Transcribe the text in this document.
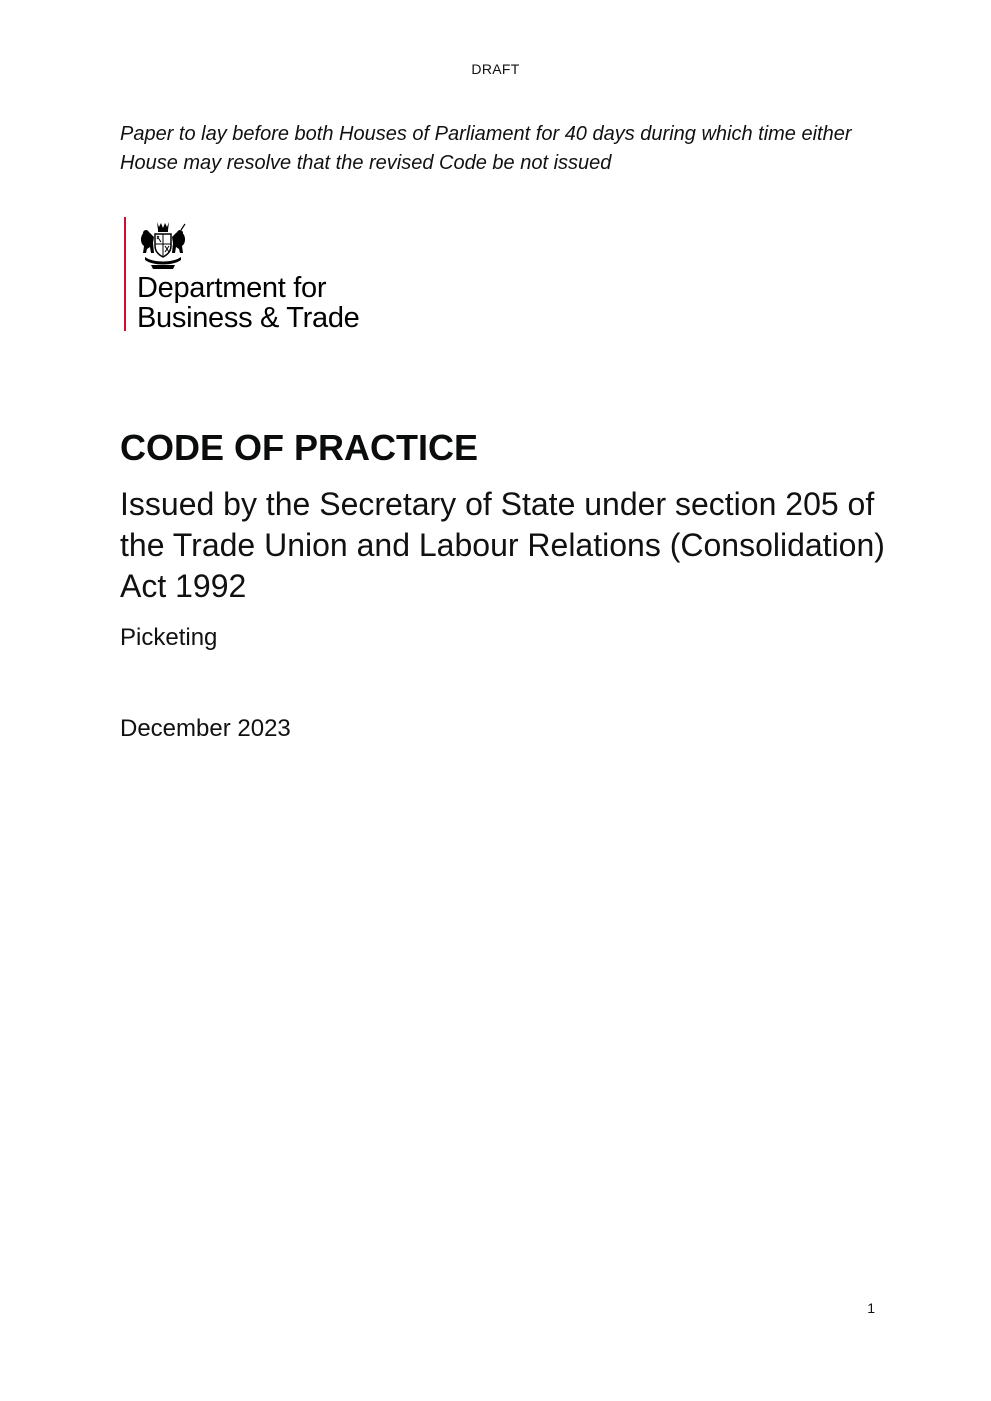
DRAFT
Paper to lay before both Houses of Parliament for 40 days during which time either House may resolve that the revised Code be not issued
Department for
Business & Trade
CODE OF PRACTICE
Issued by the Secretary of State under section 205 of the Trade Union and Labour Relations (Consolidation) Act 1992
Picketing
December 2023
1
